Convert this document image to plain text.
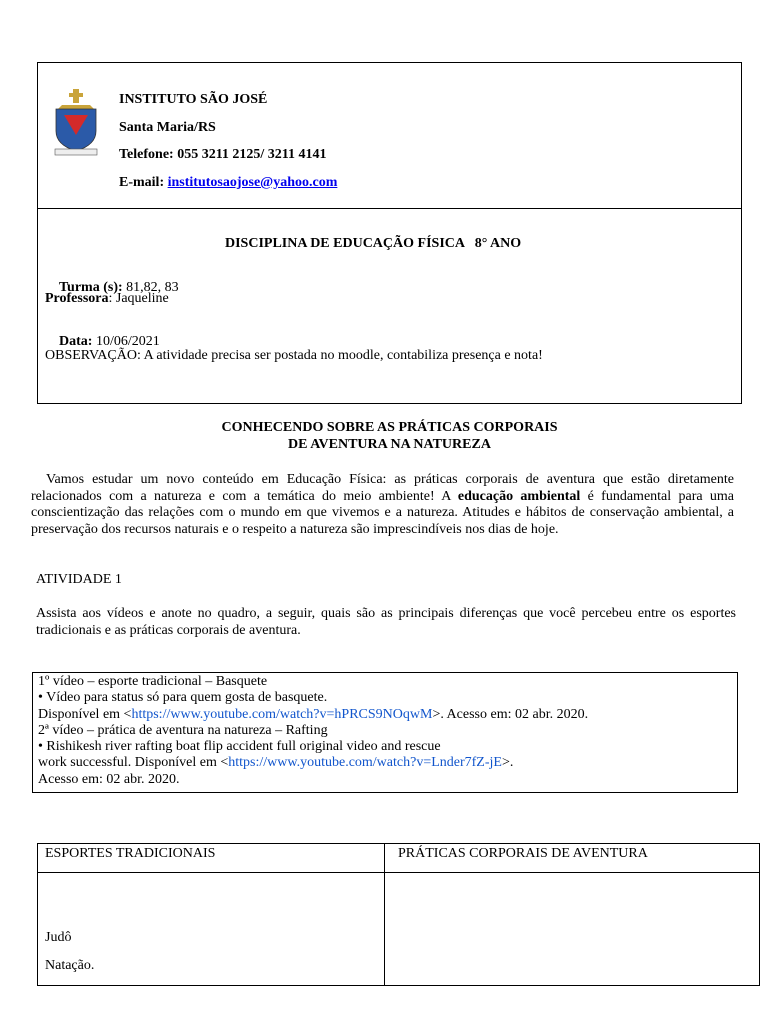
INSTITUTO SÃO JOSÉ
Santa Maria/RS
Telefone: 055 3211 2125/ 3211 4141
E-mail: institutosaojose@yahoo.com
DISCIPLINA DE EDUCAÇÃO FÍSICA   8° ANO

Turma (s): 81,82, 83

Professora: Jaqueline

Data: 10/06/2021

OBSERVAÇÃO: A atividade precisa ser postada no moodle, contabiliza presença e nota!
CONHECENDO SOBRE AS PRÁTICAS CORPORAIS
DE AVENTURA NA NATUREZA
Vamos estudar um novo conteúdo em Educação Física: as práticas corporais de aventura que estão diretamente relacionados com a natureza e com a temática do meio ambiente! A educação ambiental é fundamental para uma conscientização das relações com o mundo em que vivemos e a natureza. Atitudes e hábitos de conservação ambiental, a preservação dos recursos naturais e o respeito a natureza são imprescindíveis nos dias de hoje.
ATIVIDADE 1
Assista aos vídeos e anote no quadro, a seguir, quais são as principais diferenças que você percebeu entre os esportes tradicionais e as práticas corporais de aventura.
1º vídeo – esporte tradicional – Basquete
• Vídeo para status só para quem gosta de basquete.
Disponível em <https://www.youtube.com/watch?v=hPRCS9NOqwM>. Acesso em: 02 abr. 2020.
2ª vídeo – prática de aventura na natureza – Rafting
• Rishikesh river rafting boat flip accident full original video and rescue
work successful. Disponível em <https://www.youtube.com/watch?v=Lnder7fZ-jE>.
Acesso em: 02 abr. 2020.
ESPORTES TRADICIONAIS	PRÁTICAS CORPORAIS DE AVENTURA
Judô
Natação.
